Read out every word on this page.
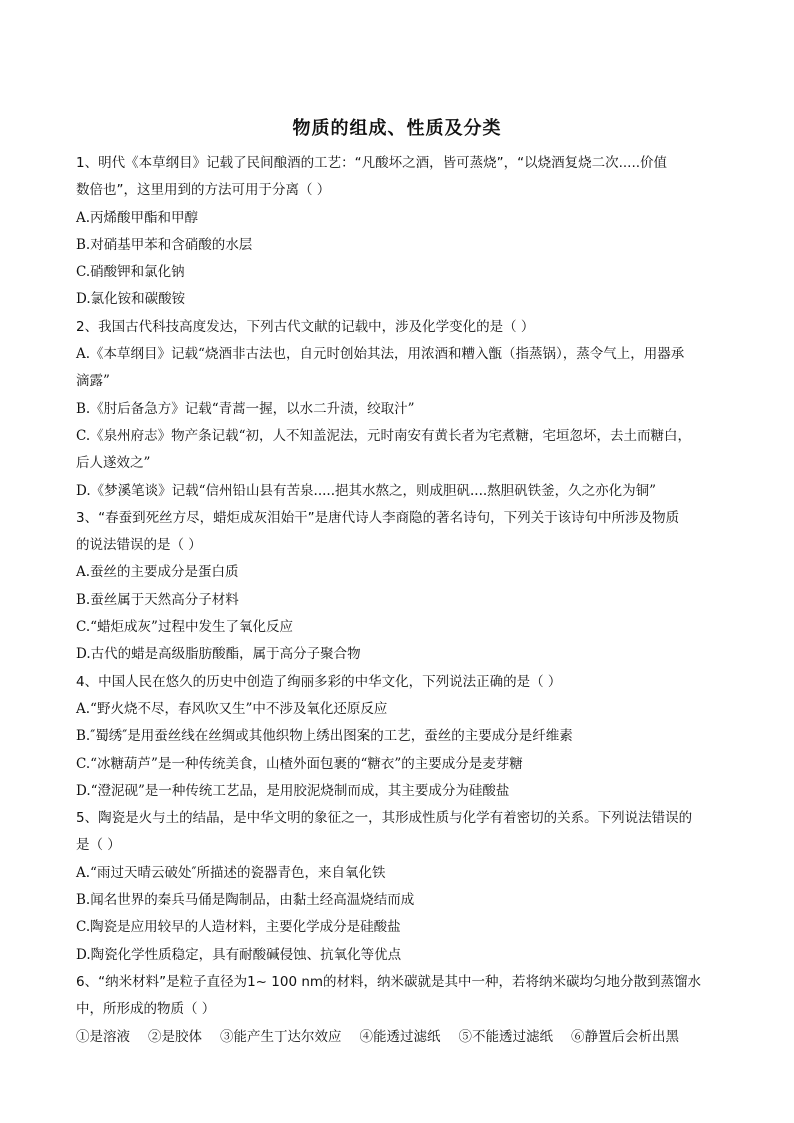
物质的组成、性质及分类
1、明代《本草纲目》记载了民间酿酒的工艺：“凡酸坏之酒，皆可蒸烧”，“以烧酒复烧二次.....价值
数倍也”，这里用到的方法可用于分离（ ）
A.丙烯酸甲酯和甲醇
B.对硝基甲苯和含硝酸的水层
C.硝酸钾和氯化钠
D.氯化铵和碳酸铵
2、我国古代科技高度发达，下列古代文献的记载中，涉及化学变化的是（ ）
A.《本草纲目》记载“烧酒非古法也，自元时创始其法，用浓酒和糟入甑（指蒸锅），蒸令气上，用器承
滴露”
B.《肘后备急方》记载“青蒿一握，以水二升渍，绞取汁”
C.《泉州府志》物产条记载“初，人不知盖泥法，元时南安有黄长者为宅煮糖，宅垣忽坏，去土而糖白，
后人遂效之”
D.《梦溪笔谈》记载“信州铅山县有苦泉.....挹其水熬之，则成胆矾....熬胆矾铁釜，久之亦化为铜”
3、“春蚕到死丝方尽，蜡炬成灰泪始干”是唐代诗人李商隐的著名诗句，下列关于该诗句中所涉及物质
的说法错误的是（ ）
A.蚕丝的主要成分是蛋白质
B.蚕丝属于天然高分子材料
C.“蜡炬成灰”过程中发生了氧化反应
D.古代的蜡是高级脂肪酸酯，属于高分子聚合物
4、中国人民在悠久的历史中创造了绚丽多彩的中华文化，下列说法正确的是（ ）
A.“野火烧不尽，春风吹又生”中不涉及氧化还原反应
B.″蜀绣″是用蚕丝线在丝绸或其他织物上绣出图案的工艺，蚕丝的主要成分是纤维素
C.“冰糖葫芦”是一种传统美食，山楂外面包裹的“糖衣”的主要成分是麦芽糖
D.“澄泥砚”是一种传统工艺品，是用胶泥烧制而成，其主要成分为硅酸盐
5、陶瓷是火与土的结晶，是中华文明的象征之一，其形成性质与化学有着密切的关系。下列说法错误的
是（ ）
A.“雨过天晴云破处″所描述的瓷器青色，来自氧化铁
B.闻名世界的秦兵马俑是陶制品，由黏土经高温烧结而成
C.陶瓷是应用较早的人造材料，主要化学成分是硅酸盐
D.陶瓷化学性质稳定，具有耐酸碱侵蚀、抗氧化等优点
6、“纳米材料”是粒子直径为1~ 100 nm的材料，纳米碳就是其中一种，若将纳米碳均匀地分散到蒸馏水
中，所形成的物质（ ）
①是溶液 ②是胶体 ③能产生丁达尔效应 ④能透过滤纸 ⑤不能透过滤纸 ⑥静置后会析出黑
